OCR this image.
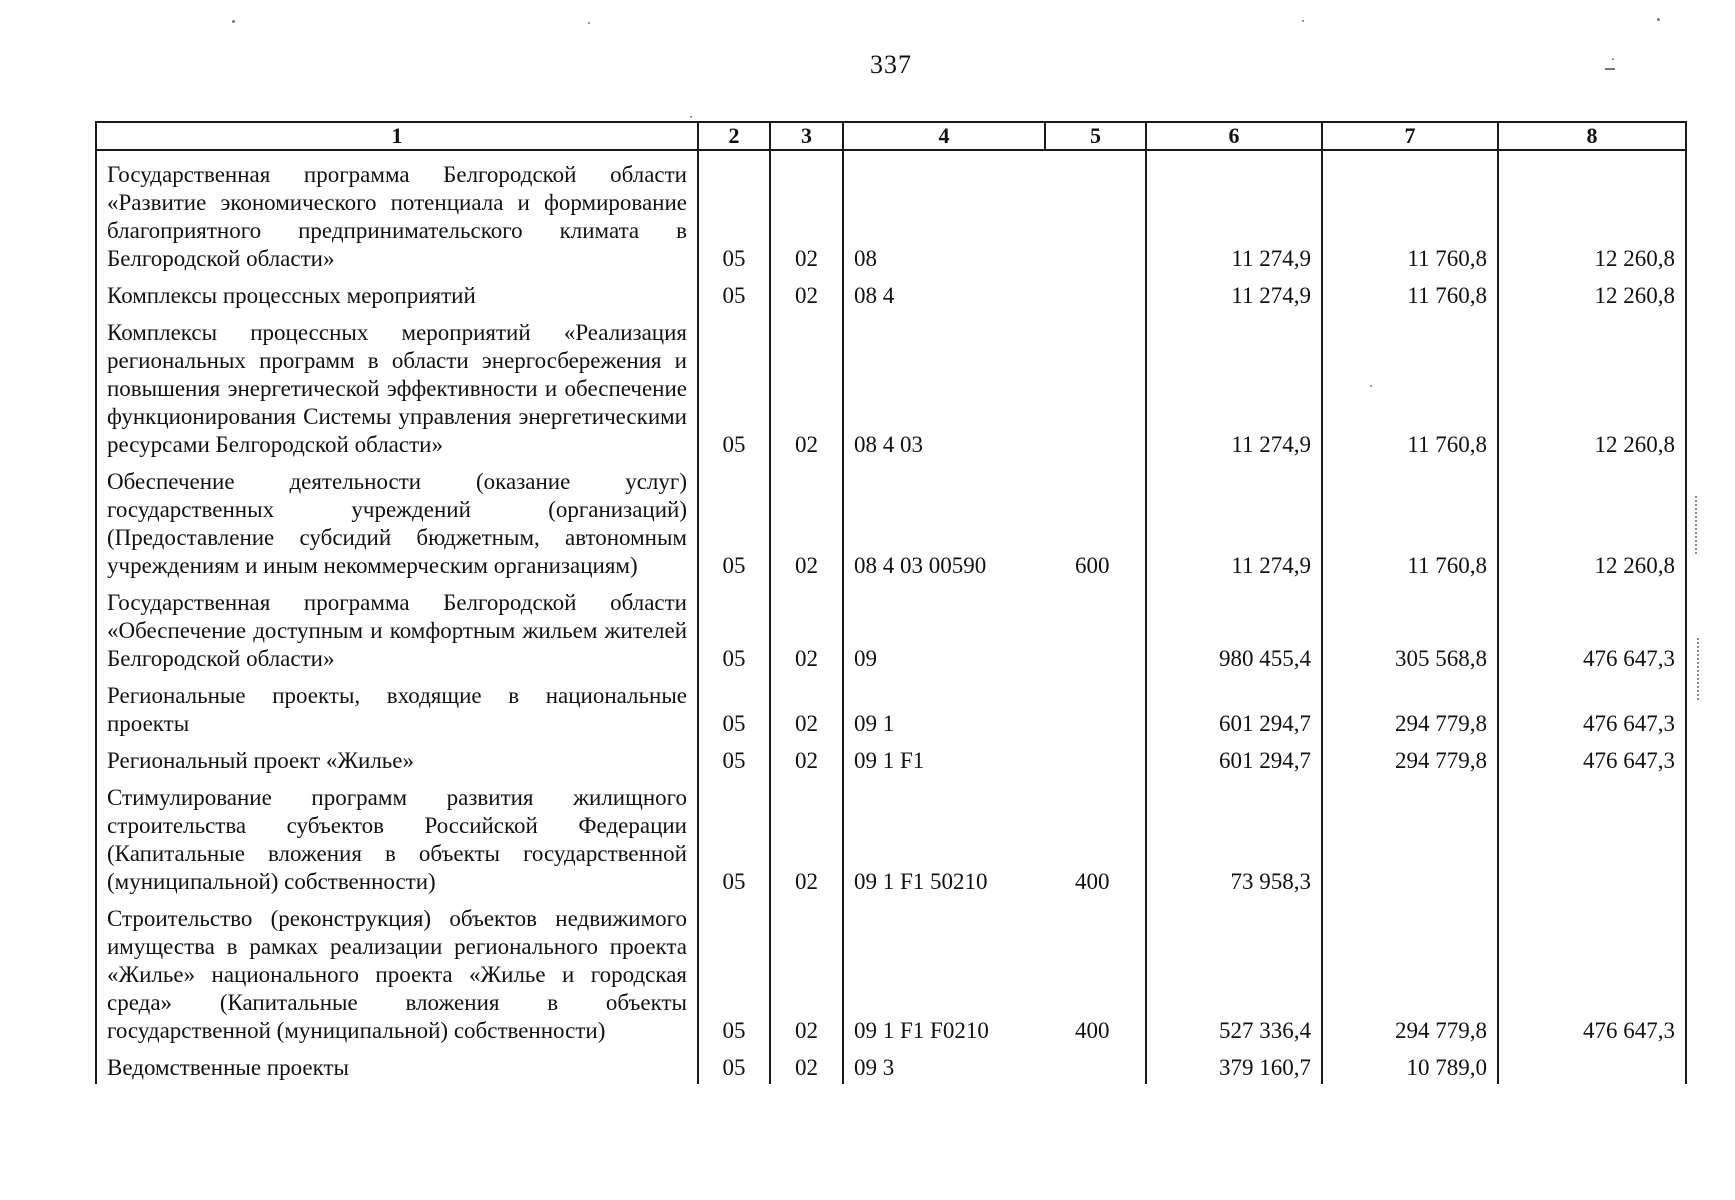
337
1	2	3	4	5	6	7	8
Государственная программа Белгородской области «Развитие экономического потенциала и формирование благоприятного предпринимательского климата в Белгородской области»	05	02	08		11 274,9	11 760,8	12 260,8
Комплексы процессных мероприятий	05	02	08 4		11 274,9	11 760,8	12 260,8
Комплексы процессных мероприятий «Реализация региональных программ в области энергосбережения и повышения энергетической эффективности и обеспечение функционирования Системы управления энергетическими ресурсами Белгородской области»	05	02	08 4 03		11 274,9	11 760,8	12 260,8
Обеспечение деятельности (оказание услуг) государственных учреждений (организаций) (Предоставление субсидий бюджетным, автономным учреждениям и иным некоммерческим организациям)	05	02	08 4 03 00590	600	11 274,9	11 760,8	12 260,8
Государственная программа Белгородской области «Обеспечение доступным и комфортным жильем жителей Белгородской области»	05	02	09		980 455,4	305 568,8	476 647,3
Региональные проекты, входящие в национальные проекты	05	02	09 1		601 294,7	294 779,8	476 647,3
Региональный проект «Жилье»	05	02	09 1 F1		601 294,7	294 779,8	476 647,3
Стимулирование программ развития жилищного строительства субъектов Российской Федерации (Капитальные вложения в объекты государственной (муниципальной) собственности)	05	02	09 1 F1 50210	400	73 958,3		
Строительство (реконструкция) объектов недвижимого имущества в рамках реализации регионального проекта «Жилье» национального проекта «Жилье и городская среда» (Капитальные вложения в объекты государственной (муниципальной) собственности)	05	02	09 1 F1 F0210	400	527 336,4	294 779,8	476 647,3
Ведомственные проекты	05	02	09 3		379 160,7	10 789,0	
